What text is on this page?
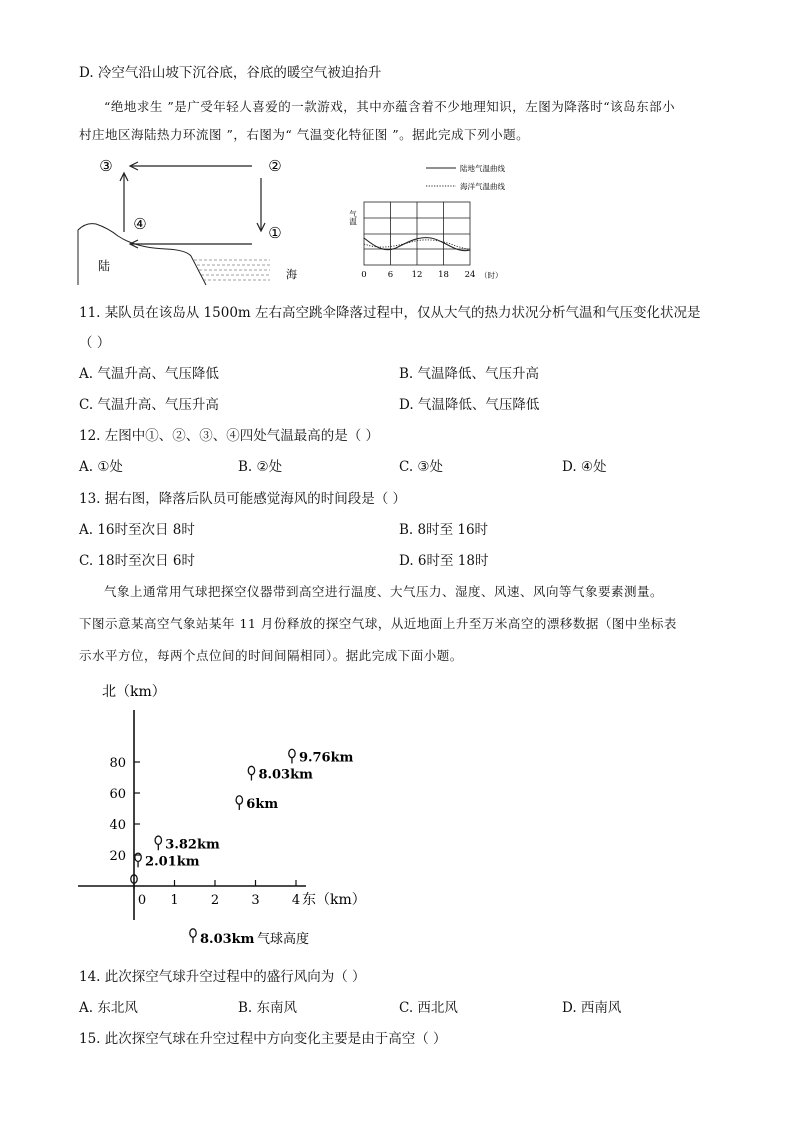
D. 冷空气沿山坡下沉谷底，谷底的暖空气被迫抬升
“绝地求生 ”是广受年轻人喜爱的一款游戏，其中亦蕴含着不少地理知识，左图为降落时“该岛东部小
村庄地区海陆热力环流图 ”，右图为“ 气温变化特征图 ”。据此完成下列小题。
③	②
④	①
陆
海
陆地气温曲线
海洋气温曲线
气温
0 6 12 18 24 （时）
11. 某队员在该岛从 1500m 左右高空跳伞降落过程中，仅从大气的热力状况分析气温和气压变化状况是
（ ）
A. 气温升高、气压降低	B. 气温降低、气压升高
C. 气温升高、气压升高	D. 气温降低、气压降低
12. 左图中①、②、③、④四处气温最高的是（ ）
A. ①处	B. ②处	C. ③处	D. ④处
13. 据右图，降落后队员可能感觉海风的时间段是（ ）
A. 16时至次日 8时	B. 8时至 16时
C. 18时至次日 6时	D. 6时至 18时
气象上通常用气球把探空仪器带到高空进行温度、大气压力、湿度、风速、风向等气象要素测量。
下图示意某高空气象站某年 11 月份释放的探空气球，从近地面上升至万米高空的漂移数据（图中坐标表
示水平方位，每两个点位间的时间间隔相同）。据此完成下面小题。
北（km）
东（km）
80
60
40
20
0 1 2 3 4
2.01km
3.82km
6km
8.03km
9.76km
8.03km 气球高度
14. 此次探空气球升空过程中的盛行风向为（ ）
A. 东北风	B. 东南风	C. 西北风	D. 西南风
15. 此次探空气球在升空过程中方向变化主要是由于高空（ ）
